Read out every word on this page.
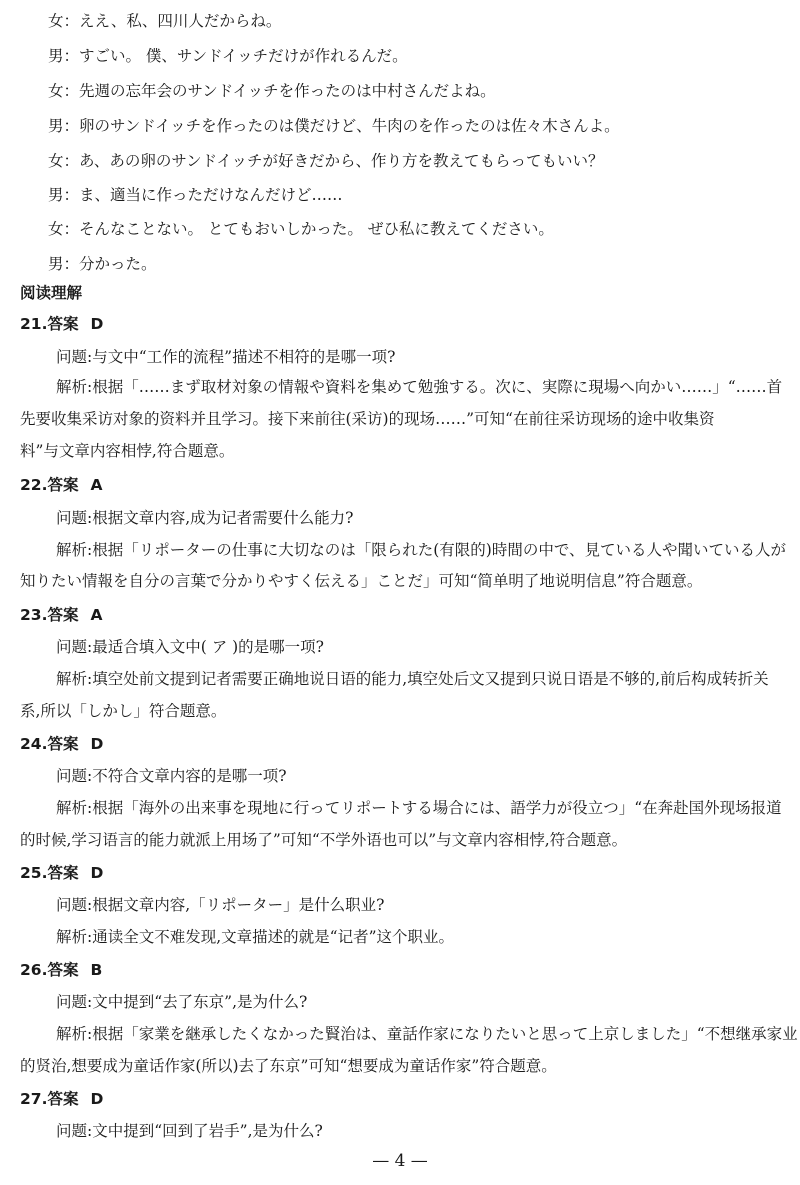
女：ええ、私、四川人だからね。
男：すごい。 僕、サンドイッチだけが作れるんだ。
女：先週の忘年会のサンドイッチを作ったのは中村さんだよね。
男：卵のサンドイッチを作ったのは僕だけど、牛肉のを作ったのは佐々木さんよ。
女：あ、あの卵のサンドイッチが好きだから、作り方を教えてもらってもいい？
男：ま、適当に作っただけなんだけど……
女：そんなことない。 とてもおいしかった。 ぜひ私に教えてください。
男：分かった。
阅读理解
21.答案 D
问题:与文中“工作的流程”描述不相符的是哪一项?
解析:根据「……まず取材対象の情報や資料を集めて勉強する。次に、実際に現場へ向かい……」“……首
先要收集采访对象的资料并且学习。接下来前往(采访)的现场……”可知“在前往采访现场的途中收集资
料”与文章内容相悖,符合题意。
22.答案 A
问题:根据文章内容,成为记者需要什么能力?
解析:根据「リポーターの仕事に大切なのは「限られた(有限的)時間の中で、見ている人や聞いている人が
知りたい情報を自分の言葉で分かりやすく伝える」ことだ」可知“简单明了地说明信息”符合题意。
23.答案 A
问题:最适合填入文中( ア )的是哪一项?
解析:填空处前文提到记者需要正确地说日语的能力,填空处后文又提到只说日语是不够的,前后构成转折关
系,所以「しかし」符合题意。
24.答案 D
问题:不符合文章内容的是哪一项?
解析:根据「海外の出来事を現地に行ってリポートする場合には、語学力が役立つ」“在奔赴国外现场报道
的时候,学习语言的能力就派上用场了”可知“不学外语也可以”与文章内容相悖,符合题意。
25.答案 D
问题:根据文章内容,「リポーター」是什么职业?
解析:通读全文不难发现,文章描述的就是“记者”这个职业。
26.答案 B
问题:文中提到“去了东京”,是为什么?
解析:根据「家業を継承したくなかった賢治は、童話作家になりたいと思って上京しました」“不想继承家业
的贤治,想要成为童话作家(所以)去了东京”可知“想要成为童话作家”符合题意。
27.答案 D
问题:文中提到“回到了岩手”,是为什么?
— 4 —
